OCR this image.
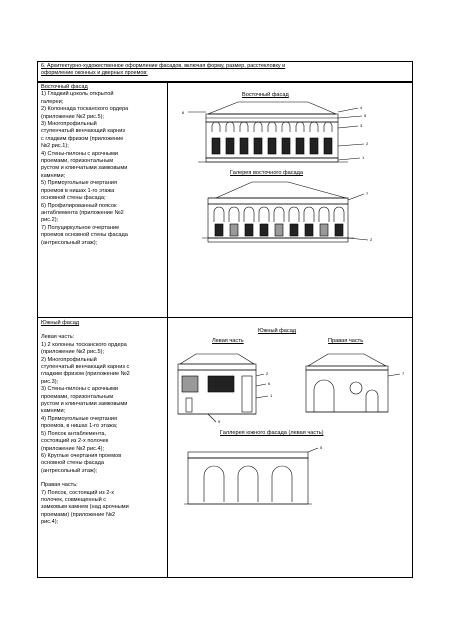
6. Архитектурно-художественное оформление фасадов, включая форму, размер, расстекловку и
оформление оконных и дверных проемов:
Восточный фасад

1) Гладкий цоколь открытой

галереи;

2) Колоннада тосканского ордера

(приложение №2 рис.5);

3) Многопрофильный

ступенчатый венчающий карниз

с гладким фризом (приложение

№2 рис.1);

4) Стены-пилоны с арочными

проемами, горизонтальным

рустом и клинчатыми замковыми

камнями;

5) Прямоугольные очертания

проемов в нишах 1-го этажа

основной стены фасада;

6) Профилированный поясок

антаблемента (приложение №2

рис.2);

7) Полуциркульное очертание

проемов основной стены фасада

(антресольный этаж);

Восточный фасад
6
4
5
3
2
1
Галерея восточного фасада
7
2
Южный фасад

Левая часть:

1) 2 колонны тосканского ордера

(приложение №2 рис.5);

2) Многопрофильный

ступенчатый венчающий карниз с

гладким фризом (приложение №2

рис.3);

3) Стены-пилоны с арочными

проемами, горизонтальным

рустом и клинчатыми замковыми

камнями;

4) Прямоугольные очертания

проемов, в нишах 1-го этажа;

5) Поясок антаблемента,

состоящий из 2-х полочек

(приложение №2 рис.4);

6) Круглые очертания проемов

основной стены фасада

(антресольный этаж);

Правая часть:

7) Поясок, состоящий из 2-х

полочек, совмещенный с

замковым камнем (над арочными

проемами) (приложение №2

рис.4);

Южный фасад
Левая часть	Правая часть
2
6
1
5
7
Галлерея южного фасада (левая часть)
5
